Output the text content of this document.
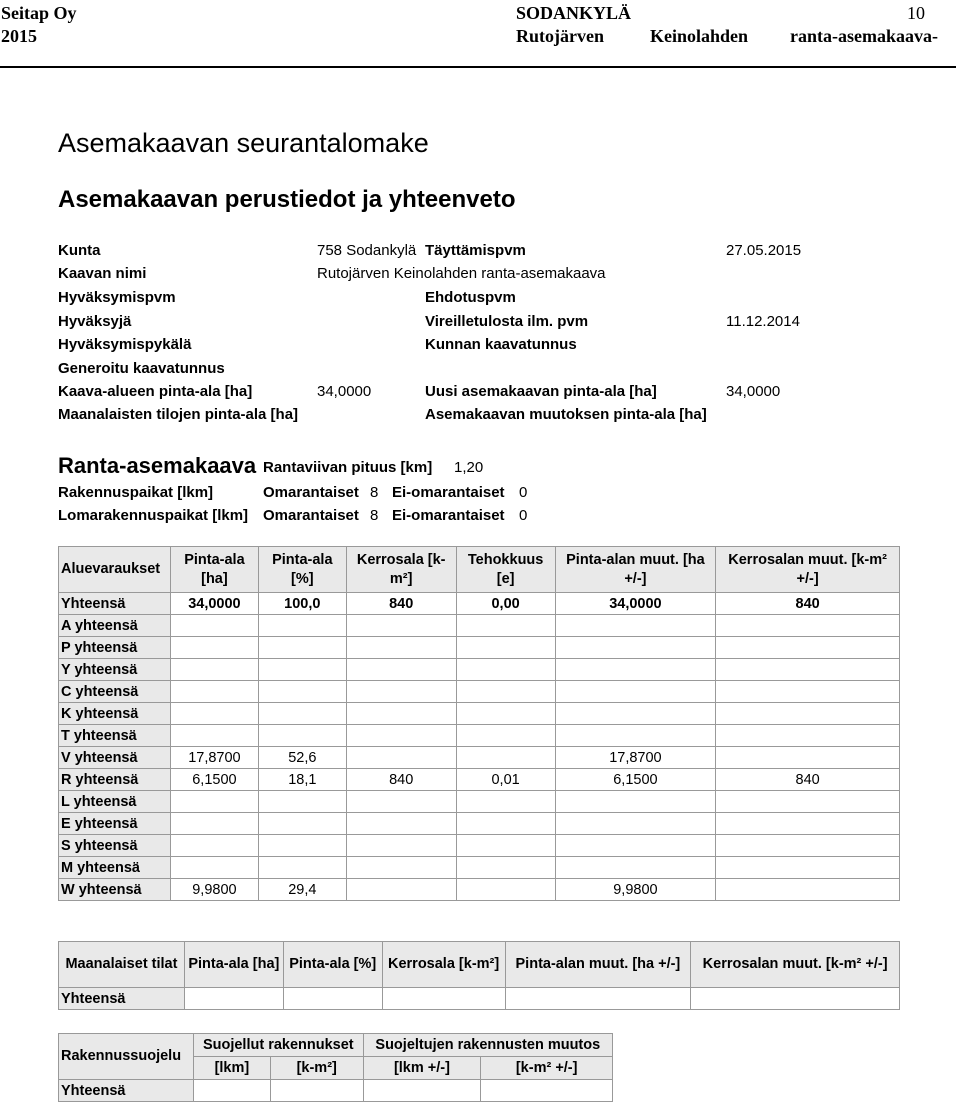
Seitap Oy
2015
SODANKYLÄ	10
Rutojärven	Keinolahden ranta-asemakaava-
Asemakaavan seurantalomake
Asemakaavan perustiedot ja yhteenveto
Kunta	758 Sodankylä Täyttämispvm	27.05.2015
Kaavan nimi	Rutojärven Keinolahden ranta-asemakaava
Hyväksymispvm	Ehdotuspvm
Hyväksyjä	Vireilletulosta ilm. pvm	11.12.2014
Hyväksymispykälä	Kunnan kaavatunnus
Generoitu kaavatunnus
Kaava-alueen pinta-ala [ha]	34,0000	Uusi asemakaavan pinta-ala [ha]	34,0000
Maanalaisten tilojen pinta-ala [ha]	Asemakaavan muutoksen pinta-ala [ha]
Ranta-asemakaava Rantaviivan pituus [km] 1,20
Rakennuspaikat [lkm]	Omarantaiset 8 Ei-omarantaiset 0
Lomarakennuspaikat [lkm] Omarantaiset 8 Ei-omarantaiset 0
Aluevaraukset	Pinta-ala [ha]	Pinta-ala [%]	Kerrosala [k-m²]	Tehokkuus [e]	Pinta-alan muut. [ha +/-]	Kerrosalan muut. [k-m² +/-]
Yhteensä	34,0000	100,0	840	0,00	34,0000	840
A yhteensä						
P yhteensä						
Y yhteensä						
C yhteensä						
K yhteensä						
T yhteensä						
V yhteensä	17,8700	52,6			17,8700	
R yhteensä	6,1500	18,1	840	0,01	6,1500	840
L yhteensä						
E yhteensä						
S yhteensä						
M yhteensä						
W yhteensä	9,9800	29,4			9,9800	
Maanalaiset tilat	Pinta-ala [ha]	Pinta-ala [%]	Kerrosala [k-m²]	Pinta-alan muut. [ha +/-]	Kerrosalan muut. [k-m² +/-]
Yhteensä					
Rakennussuojelu	Suojellut rakennukset		Suojeltujen rakennusten muutos	
	[lkm]	[k-m²]	[lkm +/-]	[k-m² +/-]
Yhteensä				
